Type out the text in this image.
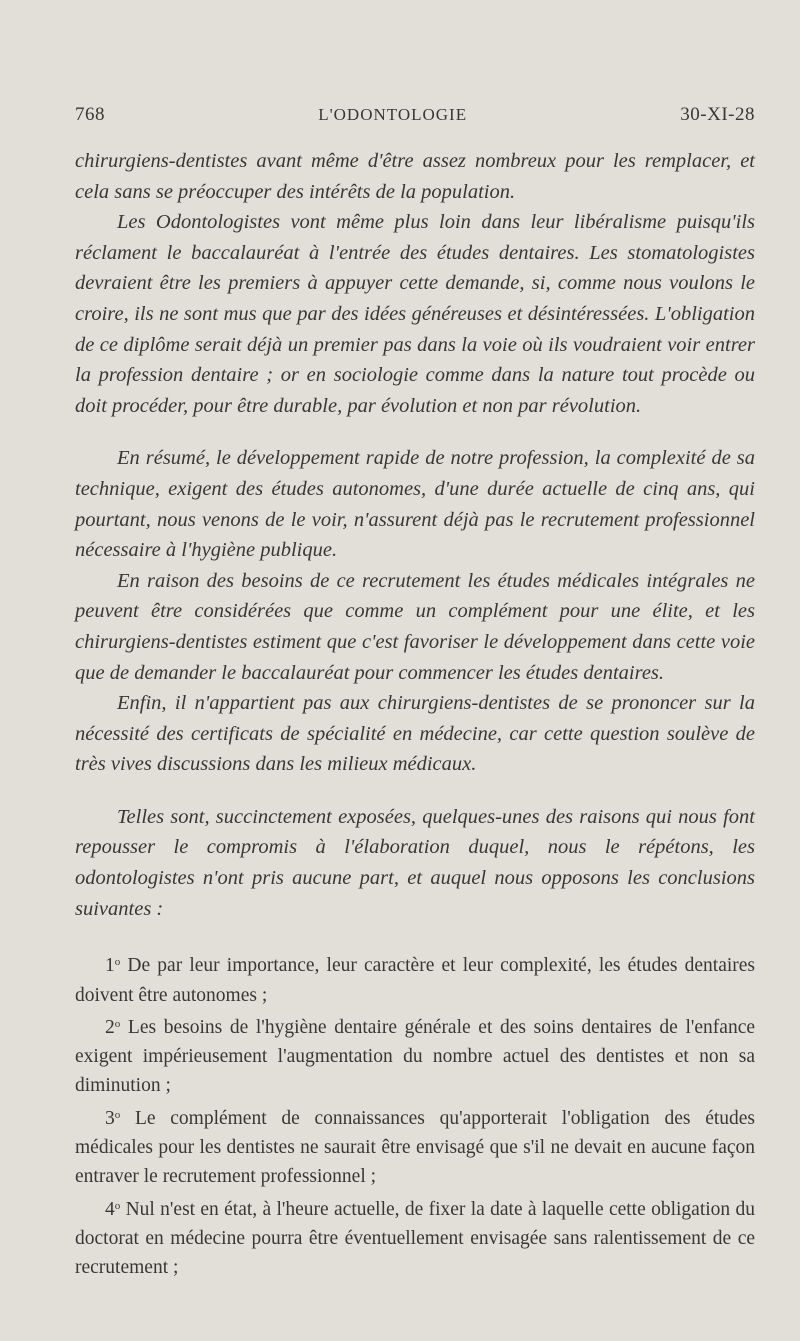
768	L'ODONTOLOGIE	30-XI-28

chirurgiens-dentistes avant même d'être assez nombreux pour les remplacer, et cela sans se préoccuper des intérêts de la population.

Les Odontologistes vont même plus loin dans leur libéralisme puisqu'ils réclament le baccalauréat à l'entrée des études dentaires. Les stomatologistes devraient être les premiers à appuyer cette demande, si, comme nous voulons le croire, ils ne sont mus que par des idées généreuses et désintéressées. L'obligation de ce diplôme serait déjà un premier pas dans la voie où ils voudraient voir entrer la profession dentaire ; or en sociologie comme dans la nature tout procède ou doit procéder, pour être durable, par évolution et non par révolution.

En résumé, le développement rapide de notre profession, la complexité de sa technique, exigent des études autonomes, d'une durée actuelle de cinq ans, qui pourtant, nous venons de le voir, n'assurent déjà pas le recrutement professionnel nécessaire à l'hygiène publique.

En raison des besoins de ce recrutement les études médicales intégrales ne peuvent être considérées que comme un complément pour une élite, et les chirurgiens-dentistes estiment que c'est favoriser le développement dans cette voie que de demander le baccalauréat pour commencer les études dentaires.

Enfin, il n'appartient pas aux chirurgiens-dentistes de se prononcer sur la nécessité des certificats de spécialité en médecine, car cette question soulève de très vives discussions dans les milieux médicaux.

Telles sont, succinctement exposées, quelques-unes des raisons qui nous font repousser le compromis à l'élaboration duquel, nous le répétons, les odontologistes n'ont pris aucune part, et auquel nous opposons les conclusions suivantes :

1$^o$ De par leur importance, leur caractère et leur complexité, les études dentaires doivent être autonomes ;

2$^o$ Les besoins de l'hygiène dentaire générale et des soins dentaires de l'enfance exigent impérieusement l'augmentation du nombre actuel des dentistes et non sa diminution ;

3$^o$ Le complément de connaissances qu'apporterait l'obligation des études médicales pour les dentistes ne saurait être envisagé que s'il ne devait en aucune façon entraver le recrutement professionnel ;

4$^o$ Nul n'est en état, à l'heure actuelle, de fixer la date à laquelle cette obligation du doctorat en médecine pourra être éventuellement envisagée sans ralentissement de ce recrutement ;
